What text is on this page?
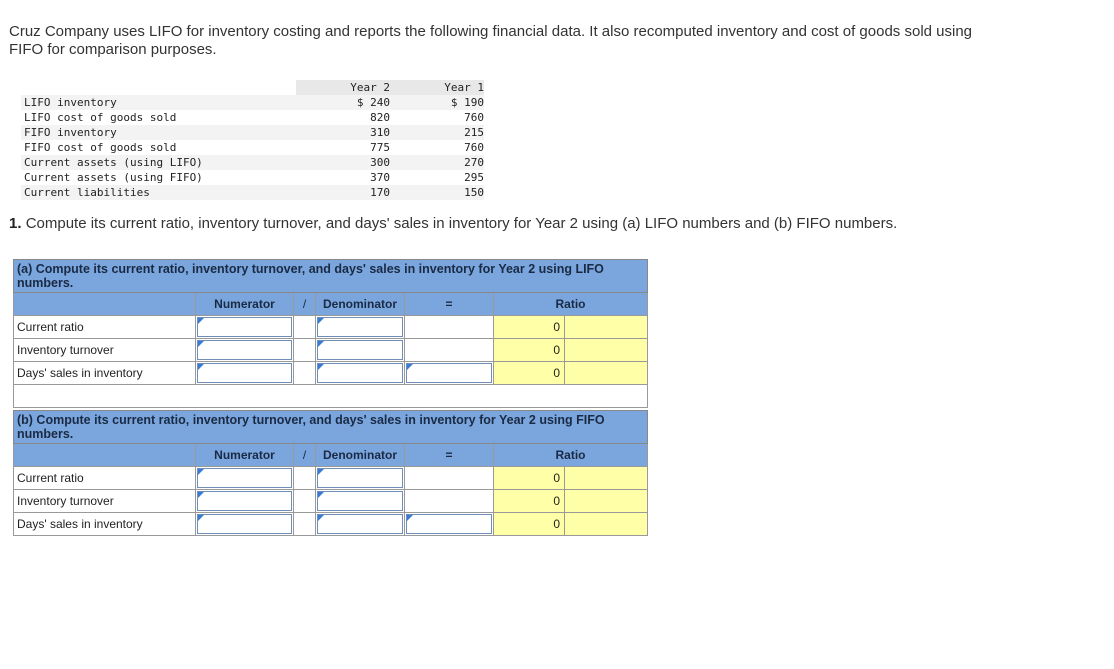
Cruz Company uses LIFO for inventory costing and reports the following financial data. It also recomputed inventory and cost of goods sold using FIFO for comparison purposes.
	Year 2	Year 1
LIFO inventory	$ 240	$ 190
LIFO cost of goods sold	820	760
FIFO inventory	310	215
FIFO cost of goods sold	775	760
Current assets (using LIFO)	300	270
Current assets (using FIFO)	370	295
Current liabilities	170	150
1. Compute its current ratio, inventory turnover, and days' sales in inventory for Year 2 using (a) LIFO numbers and (b) FIFO numbers.
(a) Compute its current ratio, inventory turnover, and days' sales in inventory for Year 2 using LIFO numbers.						
	Numerator	/	Denominator	=	Ratio	
Current ratio					0	
Inventory turnover					0	
Days' sales in inventory					0	

(b) Compute its current ratio, inventory turnover, and days' sales in inventory for Year 2 using FIFO numbers.						
	Numerator	/	Denominator	=	Ratio	
Current ratio					0	
Inventory turnover					0	
Days' sales in inventory					0	
